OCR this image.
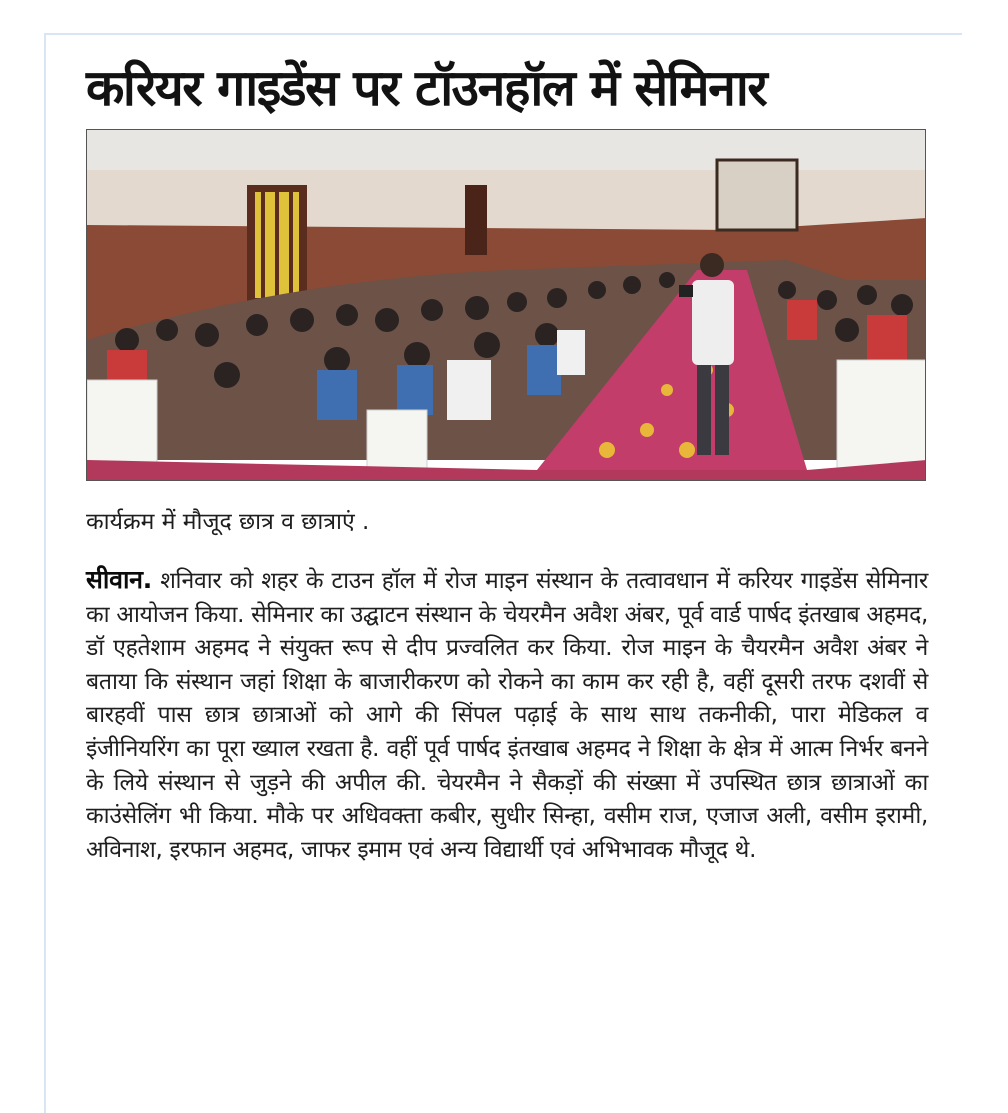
करियर गाइडेंस पर टॉउनहॉल में सेमिनार
कार्यक्रम में मौजूद छात्र व छात्राएं .
सीवान. शनिवार को शहर के टाउन हॉल में रोज माइन संस्थान के तत्वावधान में करियर गाइडेंस सेमिनार का आयोजन किया. सेमिनार का उद्घाटन संस्थान के चेयरमैन अवैश अंबर, पूर्व वार्ड पार्षद इंतखाब अहमद, डॉ एहतेशाम अहमद ने संयुक्त रूप से दीप प्रज्वलित कर किया. रोज माइन के चैयरमैन अवैश अंबर ने बताया कि संस्थान जहां शिक्षा के बाजारीकरण को रोकने का काम कर रही है, वहीं दूसरी तरफ दशवीं से बारहवीं पास छात्र छात्राओं को आगे की सिंपल पढ़ाई के साथ साथ तकनीकी, पारा मेडिकल व इंजीनियरिंग का पूरा ख्याल रखता है. वहीं पूर्व पार्षद इंतखाब अहमद ने शिक्षा के क्षेत्र में आत्म निर्भर बनने के लिये संस्थान से जुड़ने की अपील की. चेयरमैन ने सैकड़ों की संख्सा में उपस्थित छात्र छात्राओं का काउंसेलिंग भी किया. मौके पर अधिवक्ता कबीर, सुधीर सिन्हा, वसीम राज, एजाज अली, वसीम इरामी, अविनाश, इरफान अहमद, जाफर इमाम एवं अन्य विद्यार्थी एवं अभिभावक मौजूद थे.
